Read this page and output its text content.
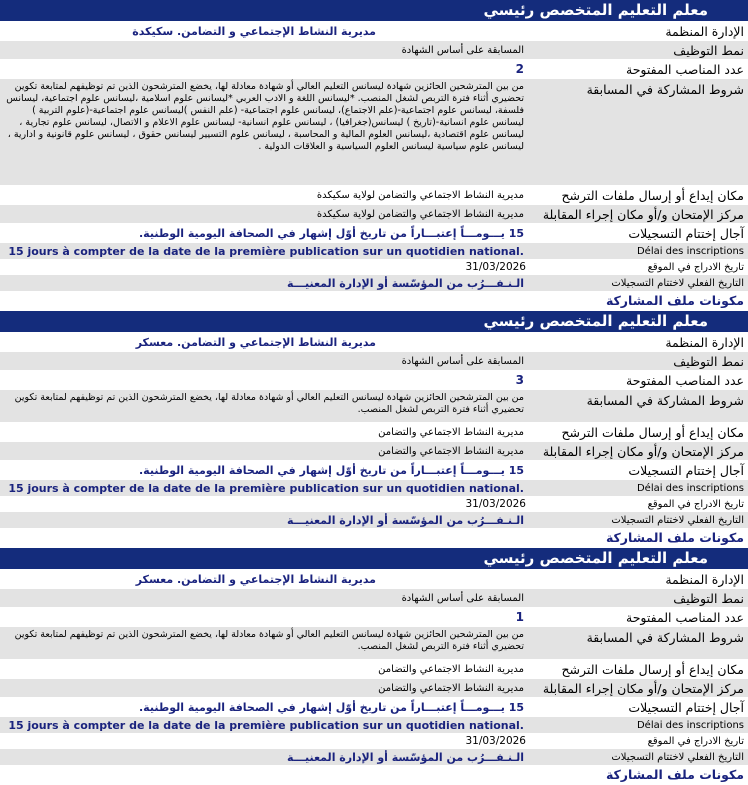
معلم التعليم المتخصص رئيسي
الإدارة المنظمة
مديرية النشاط الإجتماعي و التضامن. سكيكدة
نمط التوظيف
المسابقة على أساس الشهادة
عدد المناصب المفتوحة
2
شروط المشاركة في المسابقة
من بين المترشحين الحائزين شهادة ليسانس التعليم العالي أو شهادة معادلة لها، يخضع المترشحون الذين تم توظيفهم لمتابعة تكوين تحضيري أثناء فترة التربص لشغل المنصب. *ليسانس اللغة و الادب العربي *ليسانس علوم اسلامية ،ليسانس علوم اجتماعية، ليسانس فلسفة، ليسانس علوم اجتماعية-(علم الاجتماع)، ليسانس علوم اجتماعية- (علم النفس )ليسانس علوم اجتماعية-(علوم التربية ) ليسانس علوم انسانية-(تاريخ ) ليسانس(جغرافيا) ، ليسانس علوم انسانية- ليسانس علوم الاعلام و الاتصال، ليسانس علوم تجارية ، ليسانس علوم اقتصادية ،ليسانس العلوم المالية و المحاسبة ، ليسانس علوم التسيير ليسانس حقوق ، ليسانس علوم قانونية و ادارية ، ليسانس علوم سياسية ليسانس العلوم السياسية و العلاقات الدولية .
مكان إيداع أو إرسال ملفات الترشح
مديرية النشاط الاجتماعي والتضامن لولاية سكيكدة
مركز الإمتحان و/أو مكان إجراء المقابلة
مديرية النشاط الاجتماعي والتضامن لولاية سكيكدة
آجال إختتام التسجيلات
15 يـــومـــاً إعتبـــاراً من تاريخ أوّل إشهار في الصحافة اليومية الوطنية.
Délai des inscriptions
15 jours à compter de la date de la première publication sur un quotidien national.
تاريخ الادراج في الموقع
31/03/2026
التاريخ الفعلي لاختتام التسجيلات
الـنـفـــرُب من المؤسّسة أو الإدارة المعنيـــة
مكونات ملف المشاركة
معلم التعليم المتخصص رئيسي
الإدارة المنظمة
مديرية النشاط الإجتماعي و التضامن. معسكر
نمط التوظيف
المسابقة على أساس الشهادة
عدد المناصب المفتوحة
3
شروط المشاركة في المسابقة
من بين المترشحين الحائزين شهادة ليسانس التعليم العالي أو شهادة معادلة لها، يخضع المترشحون الذين تم توظيفهم لمتابعة تكوين تحضيري أثناء فترة التربص لشغل المنصب.
مكان إيداع أو إرسال ملفات الترشح
مديرية النشاط الاجتماعي والتضامن
مركز الإمتحان و/أو مكان إجراء المقابلة
مديرية النشاط الاجتماعي والتضامن
آجال إختتام التسجيلات
15 يـــومـــاً إعتبـــاراً من تاريخ أوّل إشهار في الصحافة اليومية الوطنية.
Délai des inscriptions
15 jours à compter de la date de la première publication sur un quotidien national.
تاريخ الادراج في الموقع
31/03/2026
التاريخ الفعلي لاختتام التسجيلات
الـنـفـــرُب من المؤسّسة أو الإدارة المعنيـــة
مكونات ملف المشاركة
معلم التعليم المتخصص رئيسي
الإدارة المنظمة
مديرية النشاط الإجتماعي و التضامن. معسكر
نمط التوظيف
المسابقة على أساس الشهادة
عدد المناصب المفتوحة
1
شروط المشاركة في المسابقة
من بين المترشحين الحائزين شهادة ليسانس التعليم العالي أو شهادة معادلة لها، يخضع المترشحون الذين تم توظيفهم لمتابعة تكوين تحضيري أثناء فترة التربص لشغل المنصب.
مكان إيداع أو إرسال ملفات الترشح
مديرية النشاط الاجتماعي والتضامن
مركز الإمتحان و/أو مكان إجراء المقابلة
مديرية النشاط الاجتماعي والتضامن
آجال إختتام التسجيلات
15 يـــومـــاً إعتبـــاراً من تاريخ أوّل إشهار في الصحافة اليومية الوطنية.
Délai des inscriptions
15 jours à compter de la date de la première publication sur un quotidien national.
تاريخ الادراج في الموقع
31/03/2026
التاريخ الفعلي لاختتام التسجيلات
الـنـفـــرُب من المؤسّسة أو الإدارة المعنيـــة
مكونات ملف المشاركة
